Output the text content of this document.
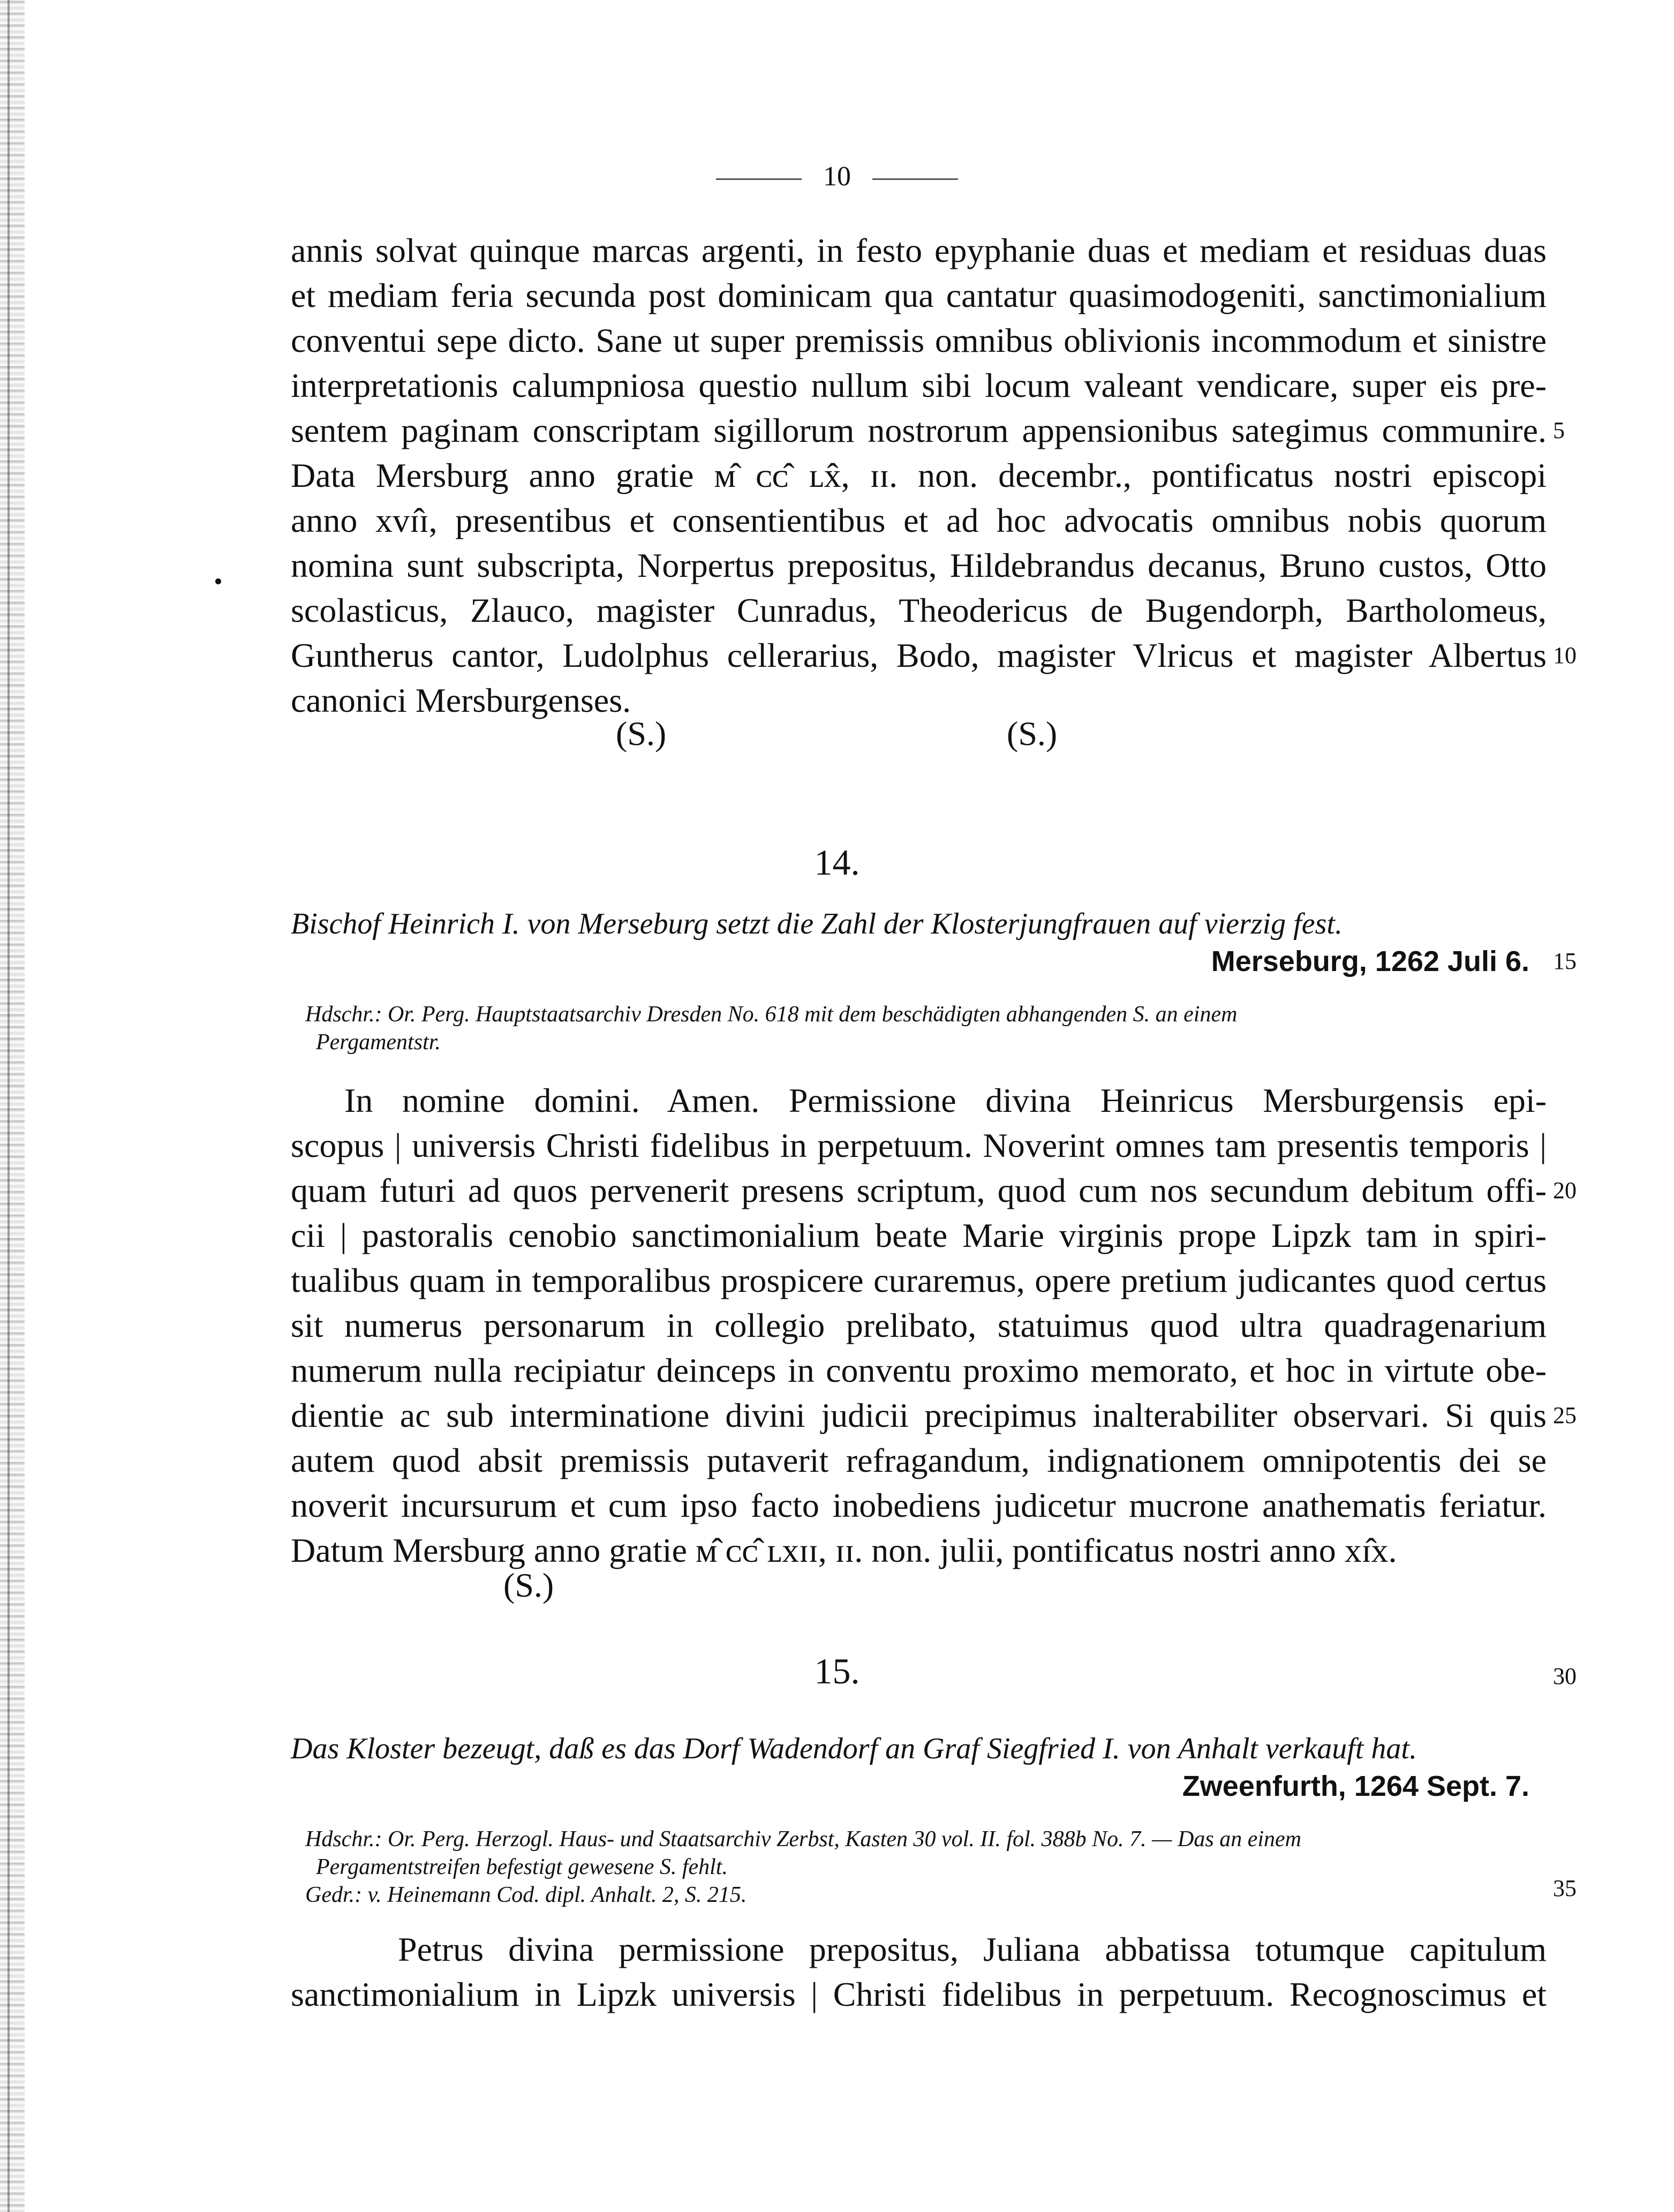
10
annis solvat quinque marcas argenti, in festo epyphanie duas et mediam et residuas duas
et mediam feria secunda post dominicam qua cantatur quasimodogeniti, sanctimonialium
conventui sepe dicto. Sane ut super premissis omnibus oblivionis incommodum et sinistre
interpretationis calumpniosa questio nullum sibi locum valeant vendicare, super eis pre-
sentem paginam conscriptam sigillorum nostrorum appensionibus sategimus communire.
Data Mersburg anno gratie ᴍ̂ ᴄᴄ̂ ʟx̂, ɪɪ. non. decembr., pontificatus nostri episcopi
anno xvɪ̂ɪ, presentibus et consentientibus et ad hoc advocatis omnibus nobis quorum
nomina sunt subscripta, Norpertus prepositus, Hildebrandus decanus, Bruno custos, Otto
scolasticus, Zlauco, magister Cunradus, Theodericus de Bugendorph, Bartholomeus,
Guntherus cantor, Ludolphus cellerarius, Bodo, magister Vlricus et magister Albertus
canonici Mersburgenses.
5
10
(S.)	(S.)
14.
Bischof Heinrich I. von Merseburg setzt die Zahl der Klosterjungfrauen auf vierzig fest.
Merseburg, 1262 Juli 6. 15
Hdschr.: Or. Perg. Hauptstaatsarchiv Dresden No. 618 mit dem beschädigten abhangenden S. an einem
Pergamentstr.
In nomine domini. Amen. Permissione divina Heinricus Mersburgensis epi-
scopus | universis Christi fidelibus in perpetuum. Noverint omnes tam presentis temporis |
quam futuri ad quos pervenerit presens scriptum, quod cum nos secundum debitum offi-
cii | pastoralis cenobio sanctimonialium beate Marie virginis prope Lipzk tam in spiri-
tualibus quam in temporalibus prospicere curaremus, opere pretium judicantes quod certus
sit numerus personarum in collegio prelibato, statuimus quod ultra quadragenarium
numerum nulla recipiatur deinceps in conventu proximo memorato, et hoc in virtute obe-
dientie ac sub interminatione divini judicii precipimus inalterabiliter observari. Si quis
autem quod absit premissis putaverit refragandum, indignationem omnipotentis dei se
noverit incursurum et cum ipso facto inobediens judicetur mucrone anathematis feriatur.
Datum Mersburg anno gratie ᴍ̂ ᴄᴄ̂ ʟxɪɪ, ɪɪ. non. julii, pontificatus nostri anno xɪ̂x.
20
25
(S.)
15.	30
Das Kloster bezeugt, daß es das Dorf Wadendorf an Graf Siegfried I. von Anhalt verkauft hat.
Zweenfurth, 1264 Sept. 7.
Hdschr.: Or. Perg. Herzogl. Haus- und Staatsarchiv Zerbst, Kasten 30 vol. II. fol. 388b No. 7. — Das an einem
Pergamentstreifen befestigt gewesene S. fehlt.
Gedr.: v. Heinemann Cod. dipl. Anhalt. 2, S. 215.	35
Petrus divina permissione prepositus, Juliana abbatissa totumque capitulum
sanctimonialium in Lipzk universis | Christi fidelibus in perpetuum. Recognoscimus et
